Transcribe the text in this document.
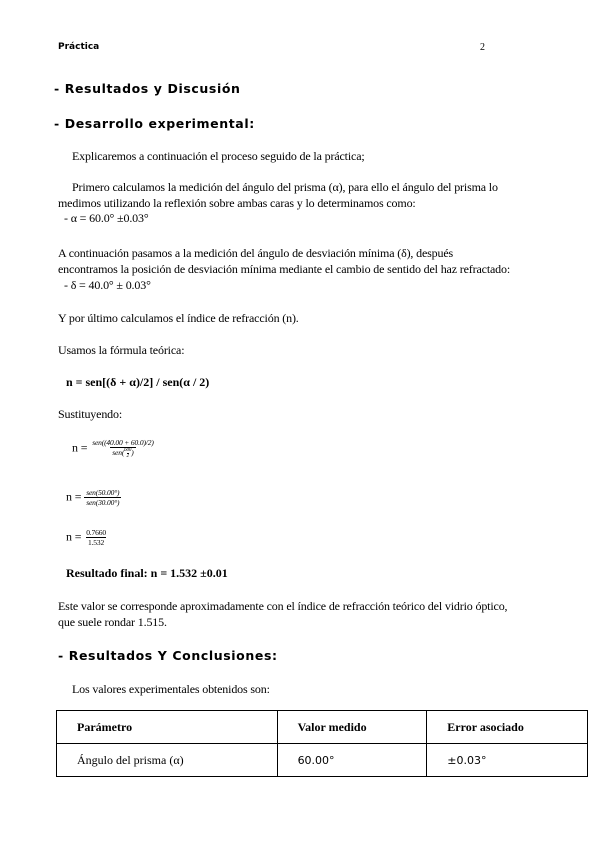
Práctica	2
- Resultados y Discusión
- Desarrollo experimental:
Explicaremos a continuación el proceso seguido de la práctica;
Primero calculamos la medición del ángulo del prisma (α), para ello el ángulo del prisma lo
medimos utilizando la reflexión sobre ambas caras y lo determinamos como:
- α = 60.0° ±0.03°
A continuación pasamos a la medición del ángulo de desviación mínima (δ), después
encontramos la posición de desviación mínima mediante el cambio de sentido del haz refractado:
- δ = 40.0° ± 0.03°
Y por último calculamos el índice de refracción (n).
Usamos la fórmula teórica:
n = sen[(δ + α)/2] / sen(α / 2)
Sustituyendo:
$n = \frac{\text{sen((40.00 + 60.0)/2)}}{sen( \frac{600}{2} )}$
$n = \frac{\text{sen(50.00°)}}{\text{sen(30.00°)}}$
$n = \frac{0.7660}{1.532}$
Resultado final: n = 1.532 ±0.01
Este valor se corresponde aproximadamente con el índice de refracción teórico del vidrio óptico,
que suele rondar 1.515.
- Resultados Y Conclusiones:
Los valores experimentales obtenidos son:
Parámetro	Valor medido	Error asociado
Ángulo del prisma (α)	60.00°	±0.03°
